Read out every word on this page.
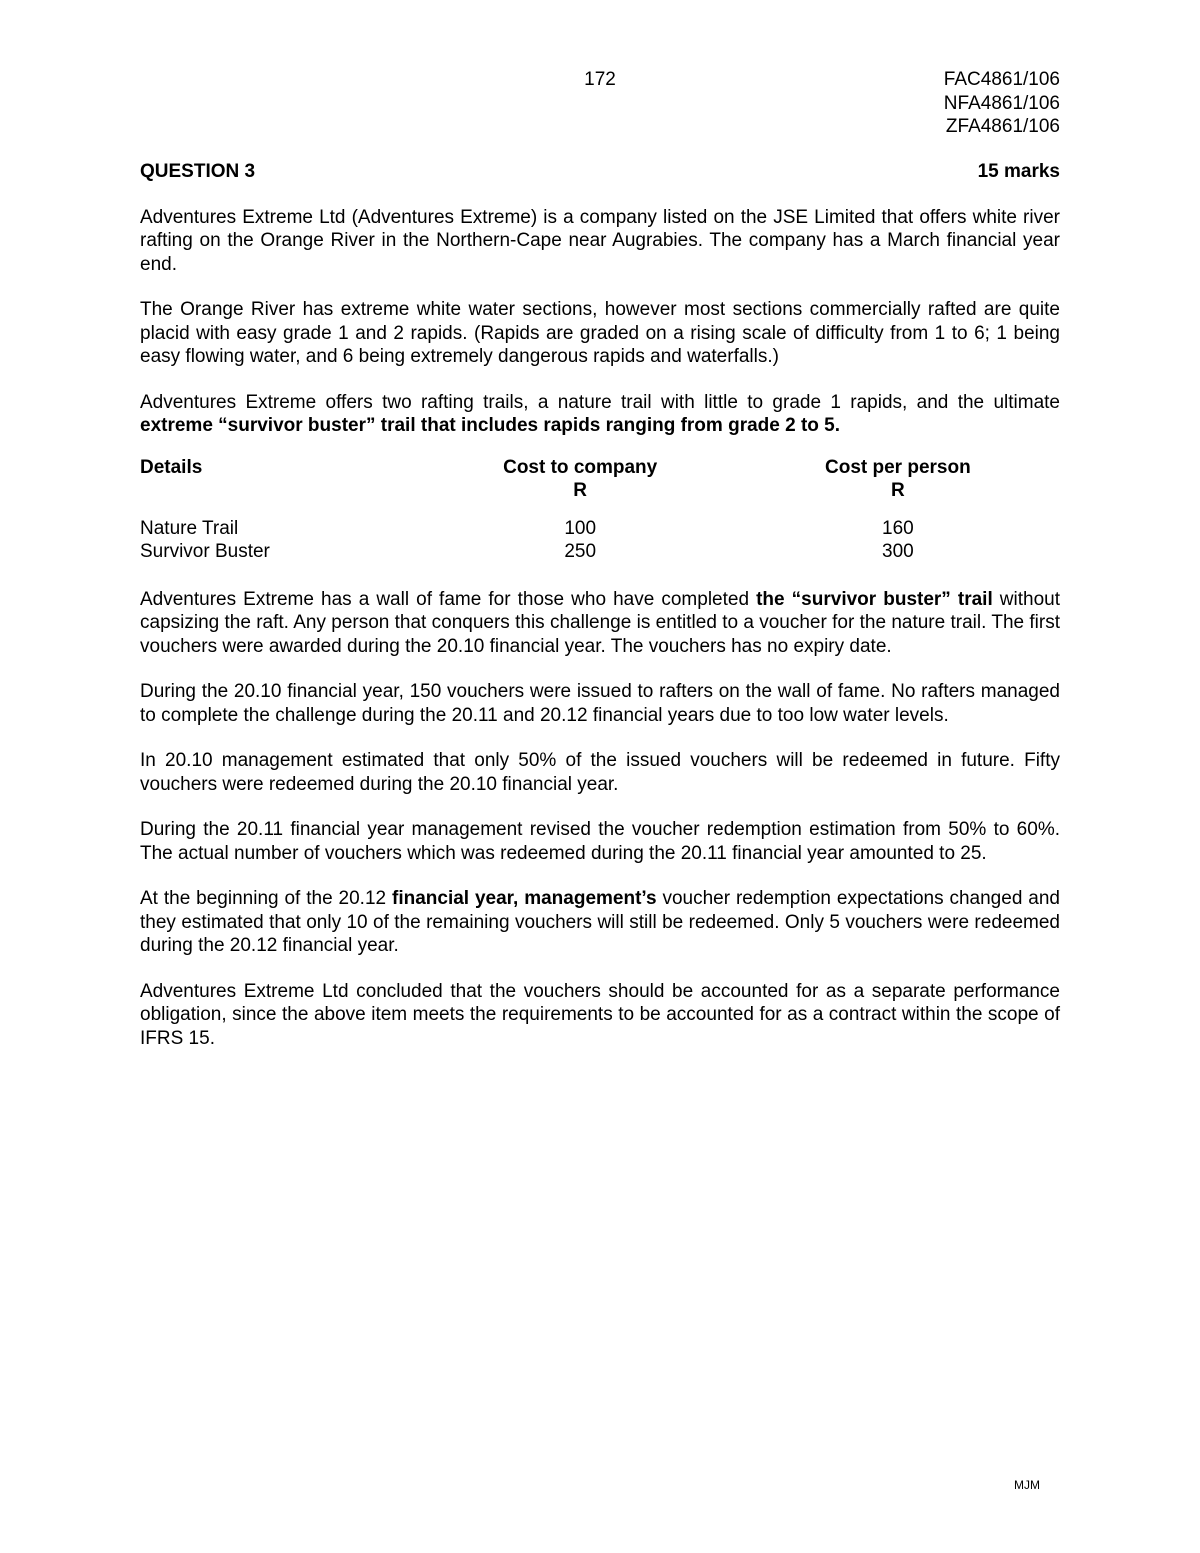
172	FAC4861/106
NFA4861/106
ZFA4861/106
QUESTION 3	15 marks

Adventures Extreme Ltd (Adventures Extreme) is a company listed on the JSE Limited that offers white river rafting on the Orange River in the Northern-Cape near Augrabies. The company has a March financial year end.

The Orange River has extreme white water sections, however most sections commercially rafted are quite placid with easy grade 1 and 2 rapids. (Rapids are graded on a rising scale of difficulty from 1 to 6; 1 being easy flowing water, and 6 being extremely dangerous rapids and waterfalls.)

Adventures Extreme offers two rafting trails, a nature trail with little to grade 1 rapids, and the ultimate extreme “survivor buster” trail that includes rapids ranging from grade 2 to 5.

Details	Cost to company	Cost per person
	R	R

Nature Trail	100	160
Survivor Buster	250	300

Adventures Extreme has a wall of fame for those who have completed the “survivor buster” trail without capsizing the raft. Any person that conquers this challenge is entitled to a voucher for the nature trail. The first vouchers were awarded during the 20.10 financial year. The vouchers has no expiry date.

During the 20.10 financial year, 150 vouchers were issued to rafters on the wall of fame. No rafters managed to complete the challenge during the 20.11 and 20.12 financial years due to too low water levels.

In 20.10 management estimated that only 50% of the issued vouchers will be redeemed in future. Fifty vouchers were redeemed during the 20.10 financial year.

During the 20.11 financial year management revised the voucher redemption estimation from 50% to 60%. The actual number of vouchers which was redeemed during the 20.11 financial year amounted to 25.

At the beginning of the 20.12 financial year, management’s voucher redemption expectations changed and they estimated that only 10 of the remaining vouchers will still be redeemed. Only 5 vouchers were redeemed during the 20.12 financial year.

Adventures Extreme Ltd concluded that the vouchers should be accounted for as a separate performance obligation, since the above item meets the requirements to be accounted for as a contract within the scope of IFRS 15.

MJM
